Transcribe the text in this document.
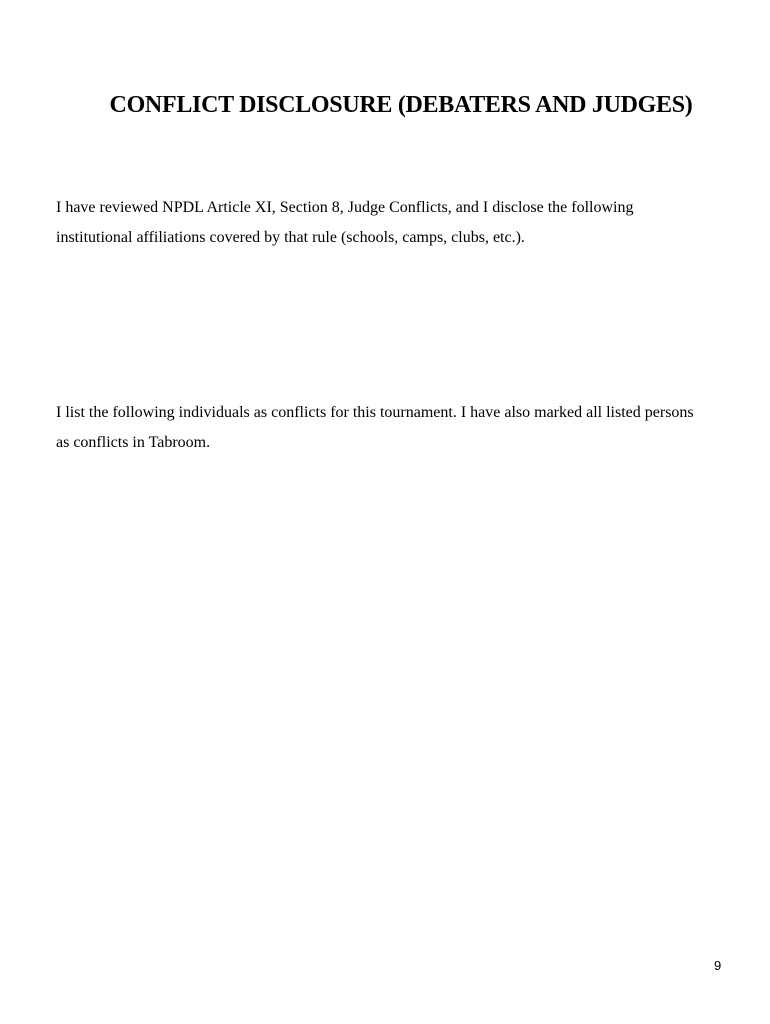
CONFLICT DISCLOSURE (DEBATERS AND JUDGES)

I have reviewed NPDL Article XI, Section 8, Judge Conflicts, and I disclose the following
institutional affiliations covered by that rule (schools, camps, clubs, etc.).

I list the following individuals as conflicts for this tournament. I have also marked all listed persons
as conflicts in Tabroom.

9
